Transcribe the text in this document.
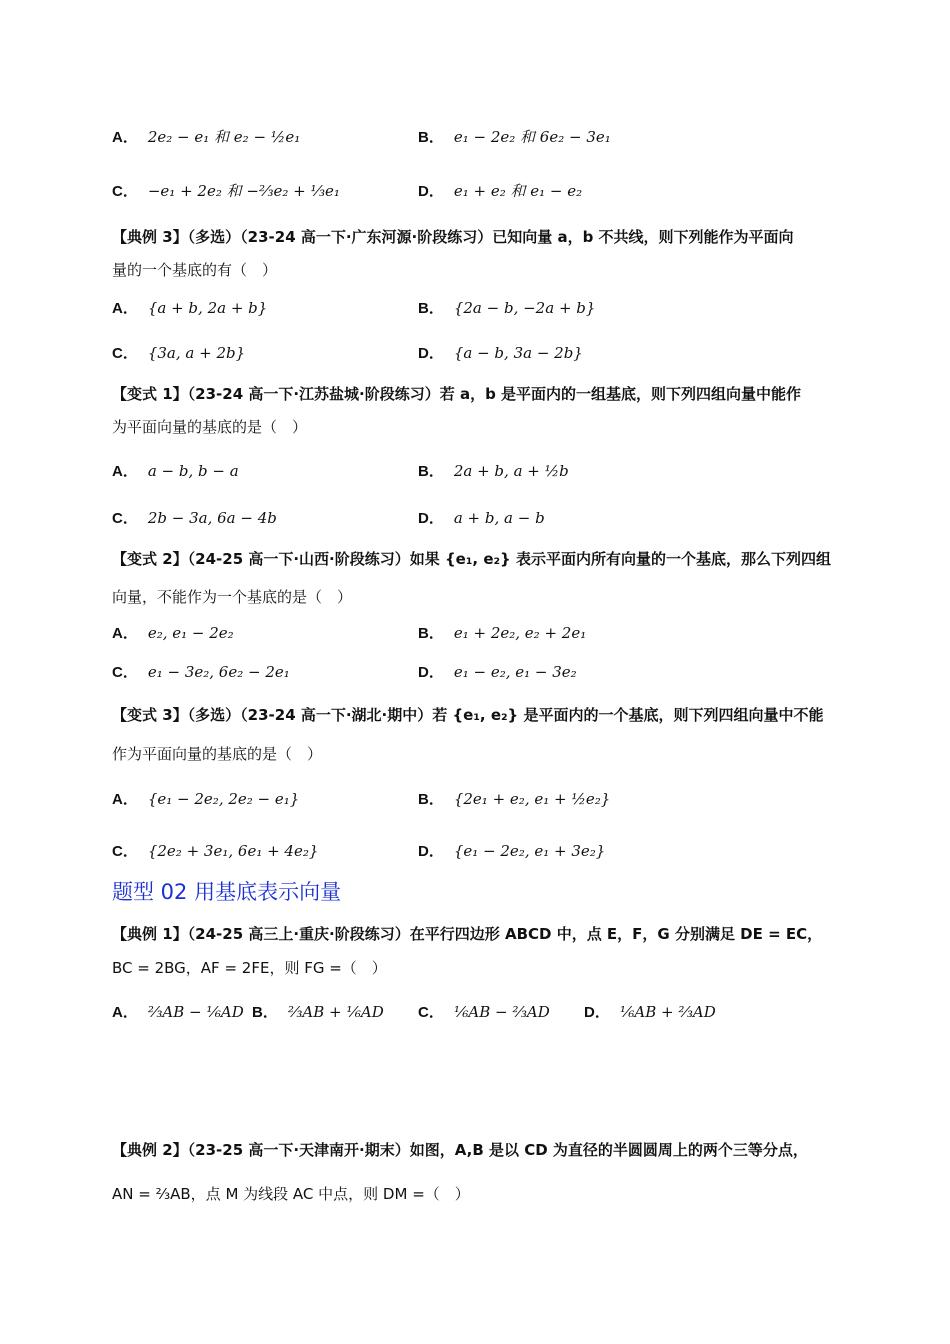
A． 2e₂ − e₁ 和 e₂ − ½e₁	B． e₁ − 2e₂ 和 6e₂ − 3e₁
C． −e₁ + 2e₂ 和 −⅔e₂ + ⅓e₁	D． e₁ + e₂ 和 e₁ − e₂
【典例 3】（多选）（23-24 高一下·广东河源·阶段练习）已知向量 a，b 不共线，则下列能作为平面向
量的一个基底的有（　）
A． {a + b, 2a + b}	B． {2a − b, −2a + b}
C． {3a, a + 2b}	D． {a − b, 3a − 2b}
【变式 1】（23-24 高一下·江苏盐城·阶段练习）若 a，b 是平面内的一组基底，则下列四组向量中能作
为平面向量的基底的是（　）
A． a − b, b − a	B． 2a + b, a + ½b
C． 2b − 3a, 6a − 4b	D． a + b, a − b
【变式 2】（24-25 高一下·山西·阶段练习）如果 {e₁, e₂} 表示平面内所有向量的一个基底，那么下列四组
向量，不能作为一个基底的是（　）
A． e₂, e₁ − 2e₂	B． e₁ + 2e₂, e₂ + 2e₁
C． e₁ − 3e₂, 6e₂ − 2e₁	D． e₁ − e₂, e₁ − 3e₂
【变式 3】（多选）（23-24 高一下·湖北·期中）若 {e₁, e₂} 是平面内的一个基底，则下列四组向量中不能
作为平面向量的基底的是（　）
A． {e₁ − 2e₂, 2e₂ − e₁}	B． {2e₁ + e₂, e₁ + ½e₂}
C． {2e₂ + 3e₁, 6e₁ + 4e₂}	D． {e₁ − 2e₂, e₁ + 3e₂}
题型 02 用基底表示向量
【典例 1】（24-25 高三上·重庆·阶段练习）在平行四边形 ABCD 中，点 E，F，G 分别满足 DE = EC，
BC = 2BG，AF = 2FE，则 FG =（　）
A． ⅔AB − ⅙AD B． ⅔AB + ⅙AD C． ⅙AB − ⅔AD D． ⅙AB + ⅔AD
【典例 2】（23-25 高一下·天津南开·期末）如图，A,B 是以 CD 为直径的半圆圆周上的两个三等分点，
AN = ⅔AB，点 M 为线段 AC 中点，则 DM =（　）
